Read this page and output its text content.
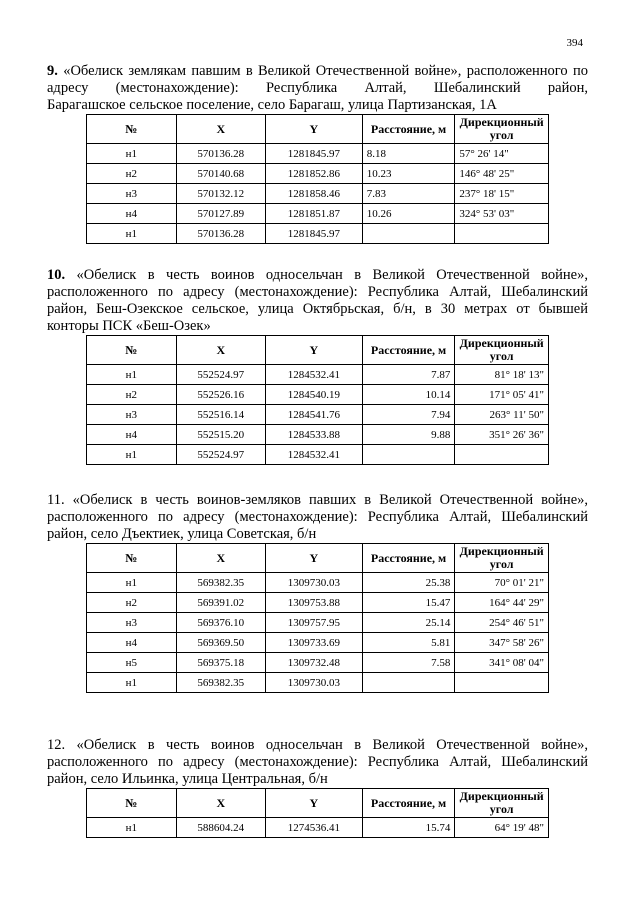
394
9. «Обелиск землякам павшим в Великой Отечественной войне», расположенного по адресу (местонахождение): Республика Алтай, Шебалинский район,
Барагашское сельское поселение, село Барагаш, улица Партизанская, 1А
№	X	Y	Расстояние, м	Дирекционный угол
н1	570136.28	1281845.97	8.18	57° 26' 14"
н2	570140.68	1281852.86	10.23	146° 48' 25"
н3	570132.12	1281858.46	7.83	237° 18' 15"
н4	570127.89	1281851.87	10.26	324° 53' 03"
н1	570136.28	1281845.97		
10. «Обелиск в честь воинов односельчан в Великой Отечественной войне», расположенного по адресу (местонахождение): Республика Алтай, Шебалинский район, Беш-Озекское сельское, улица Октябрьская, б/н, в 30 метрах от бывшей
конторы ПСК «Беш-Озек»
№	X	Y	Расстояние, м	Дирекционный угол
н1	552524.97	1284532.41	7.87	81° 18' 13"
н2	552526.16	1284540.19	10.14	171° 05' 41"
н3	552516.14	1284541.76	7.94	263° 11' 50"
н4	552515.20	1284533.88	9.88	351° 26' 36"
н1	552524.97	1284532.41		
11. «Обелиск в честь воинов-земляков павших в Великой Отечественной войне», расположенного по адресу (местонахождение): Республика Алтай, Шебалинский
район, село Дъектиек, улица Советская, б/н
№	X	Y	Расстояние, м	Дирекционный угол
н1	569382.35	1309730.03	25.38	70° 01' 21"
н2	569391.02	1309753.88	15.47	164° 44' 29"
н3	569376.10	1309757.95	25.14	254° 46' 51"
н4	569369.50	1309733.69	5.81	347° 58' 26"
н5	569375.18	1309732.48	7.58	341° 08' 04"
н1	569382.35	1309730.03		
12. «Обелиск в честь воинов односельчан в Великой Отечественной войне», расположенного по адресу (местонахождение): Республика Алтай, Шебалинский
район, село Ильинка, улица Центральная, б/н
№	X	Y	Расстояние, м	Дирекционный угол
н1	588604.24	1274536.41	15.74	64° 19' 48"
